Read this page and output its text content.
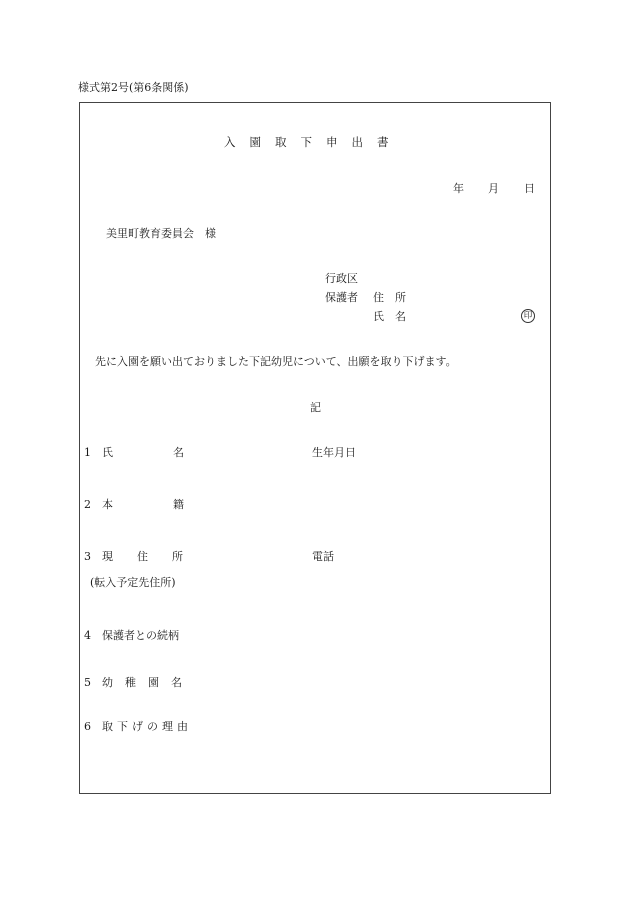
様式第2号(第6条関係)
入園取下申出書
年 月 日
美里町教育委員会　様
行政区
保護者 住　所
氏　名	印
先に入園を願い出ておりました下記幼児について、出願を取り下げます。
記
1 氏名	生年月日
2 本籍
3 現住所	電話
(転入予定先住所)
4 保護者との続柄
5 幼稚園名
6 取下げの理由
